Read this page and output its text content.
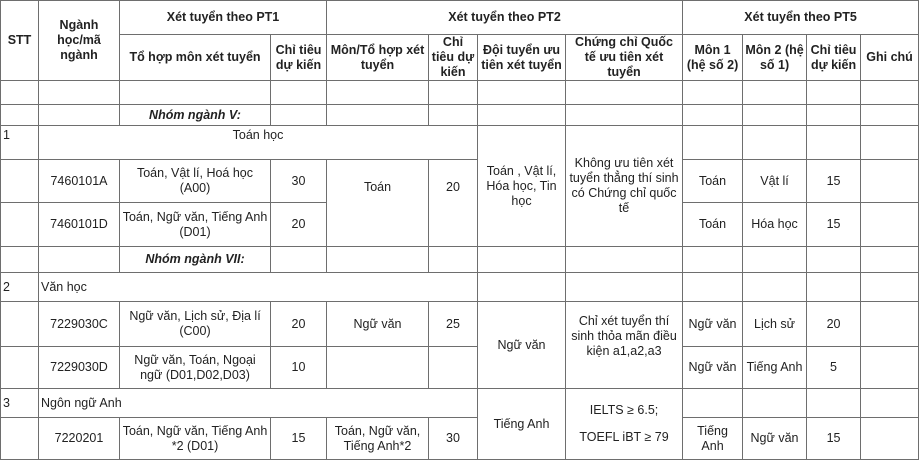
STT	Ngành học/mã ngành	Xét tuyển theo PT1		Xét tuyển theo PT2				Xét tuyển theo PT5			
		Tổ hợp môn xét tuyển	Chỉ tiêu dự kiến	Môn/Tổ hợp xét tuyển	Chỉ tiêu dự kiến	Đội tuyển ưu tiên xét tuyển	Chứng chỉ Quốc tế ưu tiên xét tuyển	Môn 1 (hệ số 2)	Môn 2 (hệ số 1)	Chỉ tiêu dự kiến	Ghi chú

		Nhóm ngành V:									
1	Toán học					Toán , Vật lí, Hóa học, Tin học	Không ưu tiên xét tuyển thẳng thí sinh có Chứng chỉ quốc tế				
	7460101A	Toán, Vật lí, Hoá học (A00)	30	Toán	20			Toán	Vật lí	15	
	7460101D	Toán, Ngữ văn, Tiếng Anh (D01)	20					Toán	Hóa học	15	
		Nhóm ngành VII:									
2	Văn học										
	7229030C	Ngữ văn, Lịch sử, Địa lí (C00)	20	Ngữ văn	25	Ngữ văn	Chỉ xét tuyển thí sinh thỏa mãn điều kiện a1,a2,a3	Ngữ văn	Lịch sử	20	
	7229030D	Ngữ văn, Toán, Ngoại ngữ (D01,D02,D03)	10					Ngữ văn	Tiếng Anh	5	
3	Ngôn ngữ Anh					Tiếng Anh	IELTS ≥ 6.5;
TOEFL iBT ≥ 79				

	7220201	Toán, Ngữ văn, Tiếng Anh *2 (D01)	15	Toán, Ngữ văn, Tiếng Anh*2	30			Tiếng Anh	Ngữ văn	15	
